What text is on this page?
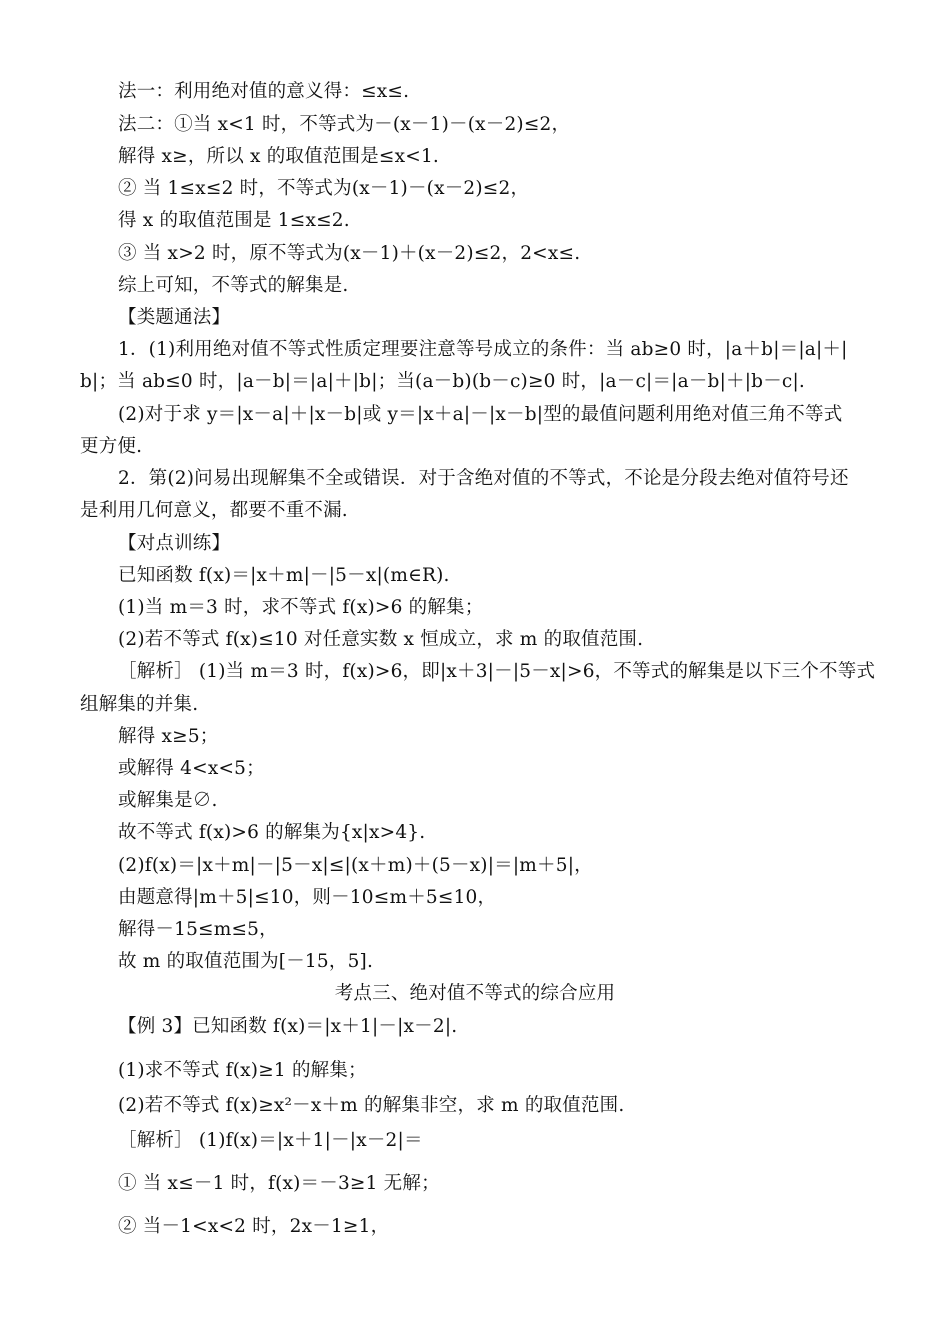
法一：利用绝对值的意义得：≤x≤.
法二：①当 x<1 时，不等式为－(x－1)－(x－2)≤2，
解得 x≥，所以 x 的取值范围是≤x<1.
② 当 1≤x≤2 时，不等式为(x－1)－(x－2)≤2，
得 x 的取值范围是 1≤x≤2.
③ 当 x>2 时，原不等式为(x－1)＋(x－2)≤2，2<x≤.
综上可知，不等式的解集是.
【类题通法】
1．(1)利用绝对值不等式性质定理要注意等号成立的条件：当 ab≥0 时，|a＋b|＝|a|＋|
b|；当 ab≤0 时，|a－b|＝|a|＋|b|；当(a－b)(b－c)≥0 时，|a－c|＝|a－b|＋|b－c|.
(2)对于求 y＝|x－a|＋|x－b|或 y＝|x＋a|－|x－b|型的最值问题利用绝对值三角不等式
更方便.
2．第(2)问易出现解集不全或错误．对于含绝对值的不等式，不论是分段去绝对值符号还
是利用几何意义，都要不重不漏.
【对点训练】
已知函数 f(x)＝|x＋m|－|5－x|(m∈R).
(1)当 m＝3 时，求不等式 f(x)>6 的解集；
(2)若不等式 f(x)≤10 对任意实数 x 恒成立，求 m 的取值范围.
［解析］ (1)当 m＝3 时，f(x)>6，即|x＋3|－|5－x|>6，不等式的解集是以下三个不等式
组解集的并集.
解得 x≥5；
或解得 4<x<5；
或解集是∅.
故不等式 f(x)>6 的解集为{x|x>4}.
(2)f(x)＝|x＋m|－|5－x|≤|(x＋m)＋(5－x)|＝|m＋5|，
由题意得|m＋5|≤10，则－10≤m＋5≤10，
解得－15≤m≤5，
故 m 的取值范围为[－15，5].
考点三、绝对值不等式的综合应用
【例 3】已知函数 f(x)＝|x＋1|－|x－2|.
(1)求不等式 f(x)≥1 的解集；
(2)若不等式 f(x)≥x²－x＋m 的解集非空，求 m 的取值范围.
［解析］ (1)f(x)＝|x＋1|－|x－2|＝
① 当 x≤－1 时，f(x)＝－3≥1 无解；
② 当－1<x<2 时，2x－1≥1，
